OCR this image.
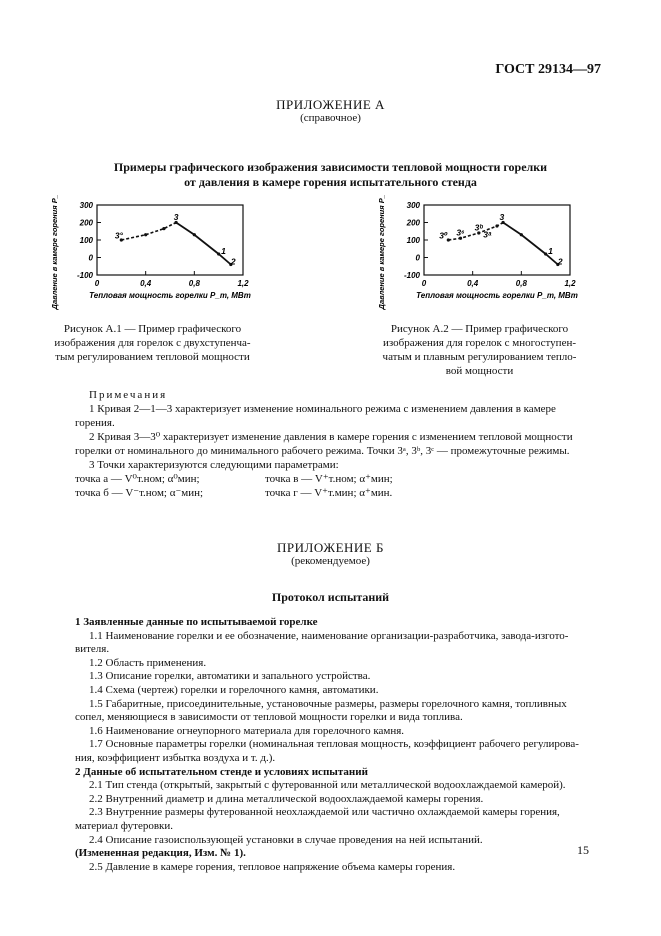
ГОСТ 29134—97
ПРИЛОЖЕНИЕ А
(справочное)
Примеры графического изображения зависимости тепловой мощности горелки
от давления в камере горения испытательного стенда
300
200
100
0
-100
0	0,4	0,8	1,2
Тепловая мощность горелки P_т, МВт
Давление в камере горения P_к.г, Па	3°
3
1
2
300
200
100
0
-100
0	0,4	0,8	1,2
Тепловая мощность горелки P_т, МВт
Давление в камере горения P_к.г, Па	3⁰ 3⁶
3ᵇ
3ᵃ
3
1
2
Рисунок А.1 — Пример графического
изображения для горелок с двухступенча-
тым регулированием тепловой мощности
Рисунок А.2 — Пример графического
изображения для горелок с многоступен-
чатым и плавным регулированием тепло-
вой мощности

Примечания

1 Кривая 2—1—3 характеризует изменение номинального режима с изменением давления в камере

горения.

2 Кривая 3—3⁰ характеризует изменение давления в камере горения с изменением тепловой мощности

горелки от номинального до минимального рабочего режима. Точки 3ᵃ, 3ᵇ, 3ᶜ — промежуточные режимы.

3 Точки характеризуются следующими параметрами:

точка а — V⁰т.ном; α⁰мин;	точка в — V⁺т.ном; α⁺мин;
точка б — V⁻т.ном; α⁻мин;	точка г — V⁺т.мин; α⁺мин.
ПРИЛОЖЕНИЕ Б
(рекомендуемое)
Протокол испытаний

1 Заявленные данные по испытываемой горелке

1.1 Наименование горелки и ее обозначение, наименование организации-разработчика, завода-изгото-

вителя.

1.2 Область применения.

1.3 Описание горелки, автоматики и запального устройства.

1.4 Схема (чертеж) горелки и горелочного камня, автоматики.

1.5 Габаритные, присоединительные, установочные размеры, размеры горелочного камня, топливных

сопел, меняющиеся в зависимости от тепловой мощности горелки и вида топлива.

1.6 Наименование огнеупорного материала для горелочного камня.

1.7 Основные параметры горелки (номинальная тепловая мощность, коэффициент рабочего регулирова-

ния, коэффициент избытка воздуха и т. д.).

2 Данные об испытательном стенде и условиях испытаний

2.1 Тип стенда (открытый, закрытый с футерованной или металлической водоохлаждаемой камерой).

2.2 Внутренний диаметр и длина металлической водоохлаждаемой камеры горения.

2.3 Внутренние размеры футерованной неохлаждаемой или частично охлаждаемой камеры горения,

материал футеровки.

2.4 Описание газоиспользующей установки в случае проведения на ней испытаний.

(Измененная редакция, Изм. № 1).

2.5 Давление в камере горения, тепловое напряжение объема камеры горения.

15
